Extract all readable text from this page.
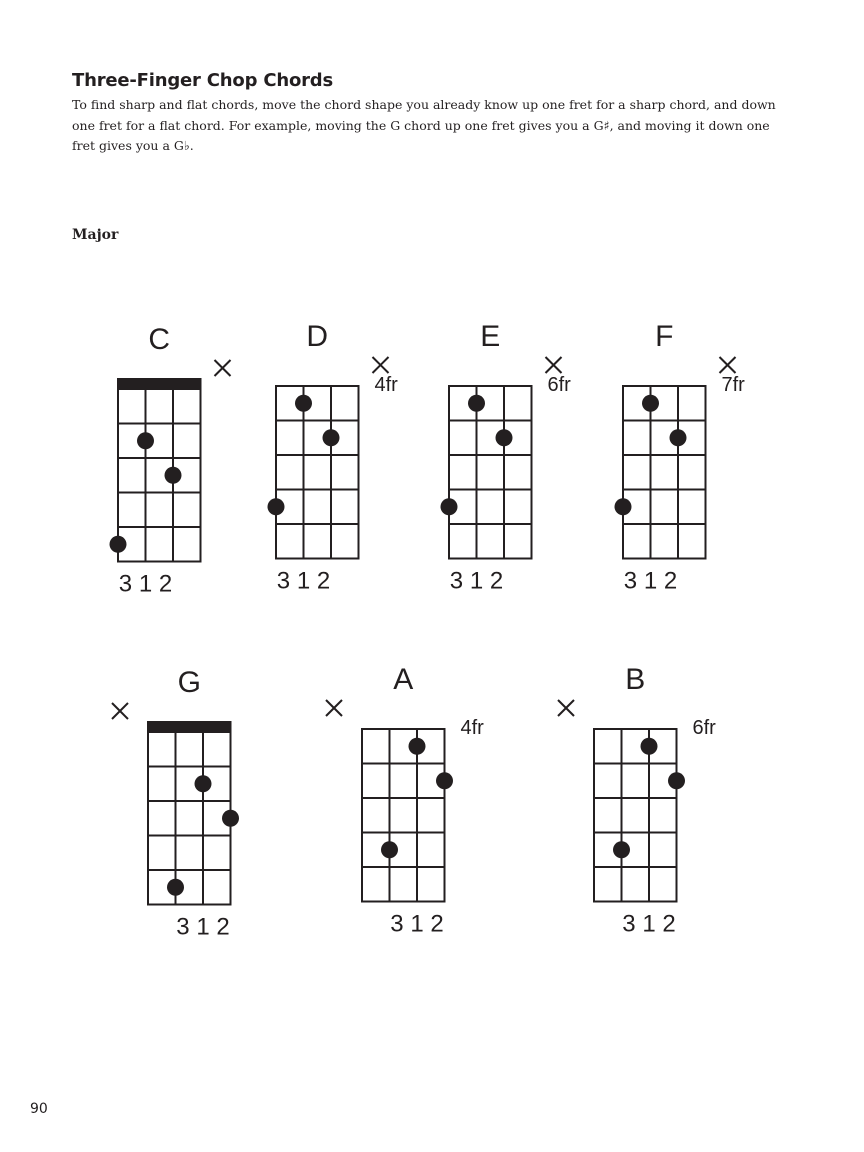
Three-Finger Chop Chords

To find sharp and flat chords, move the chord shape you already know up one fret for a sharp chord, and down one fret for a flat chord. For example, moving the G chord up one fret gives you a G♯, and moving it down one fret gives you a G♭.

Major
C
3 1 2
D
4fr
3 1 2
E
6fr
3 1 2
F
7fr
3 1 2
G
3 1 2
A
4fr
3 1 2
B
6fr
3 1 2
90
